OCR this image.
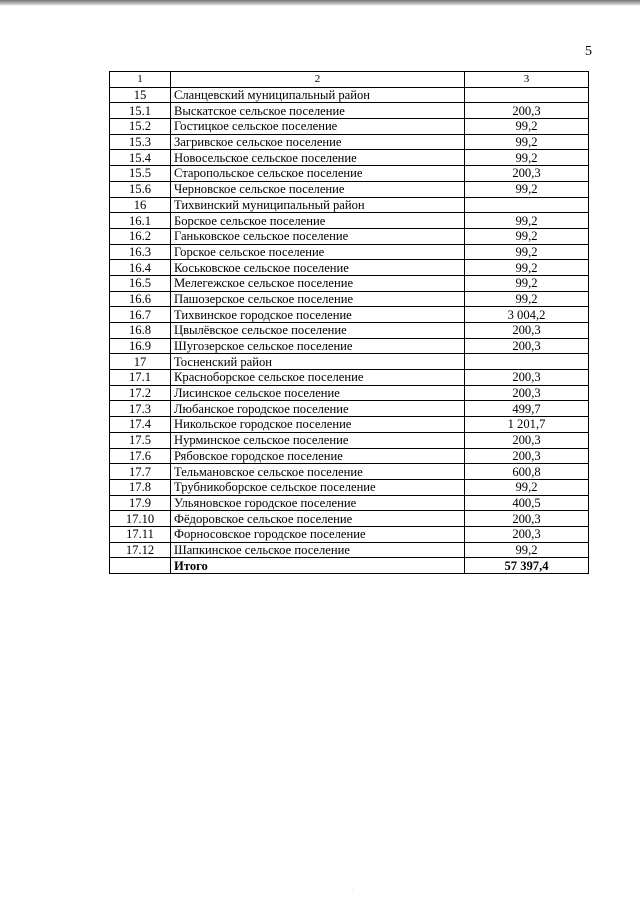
5
1	2	3
15	Сланцевский муниципальный район	
15.1	Выскатское сельское поселение	200,3
15.2	Гостицкое сельское поселение	99,2
15.3	Загривское сельское поселение	99,2
15.4	Новосельское сельское поселение	99,2
15.5	Старопольское сельское поселение	200,3
15.6	Черновское сельское поселение	99,2
16	Тихвинский муниципальный район	
16.1	Борское сельское поселение	99,2
16.2	Ганьковское сельское поселение	99,2
16.3	Горское сельское поселение	99,2
16.4	Коськовское сельское поселение	99,2
16.5	Мелегежское сельское поселение	99,2
16.6	Пашозерское сельское поселение	99,2
16.7	Тихвинское городское поселение	3 004,2
16.8	Цвылёвское сельское поселение	200,3
16.9	Шугозерское сельское поселение	200,3
17	Тосненский район	
17.1	Красноборское сельское поселение	200,3
17.2	Лисинское сельское поселение	200,3
17.3	Любанское городское поселение	499,7
17.4	Никольское городское поселение	1 201,7
17.5	Нурминское сельское поселение	200,3
17.6	Рябовское городское поселение	200,3
17.7	Тельмановское сельское поселение	600,8
17.8	Трубникоборское сельское поселение	99,2
17.9	Ульяновское городское поселение	400,5
17.10	Фёдоровское сельское поселение	200,3
17.11	Форносовское городское поселение	200,3
17.12	Шапкинское сельское поселение	99,2
	Итого	57 397,4
·
